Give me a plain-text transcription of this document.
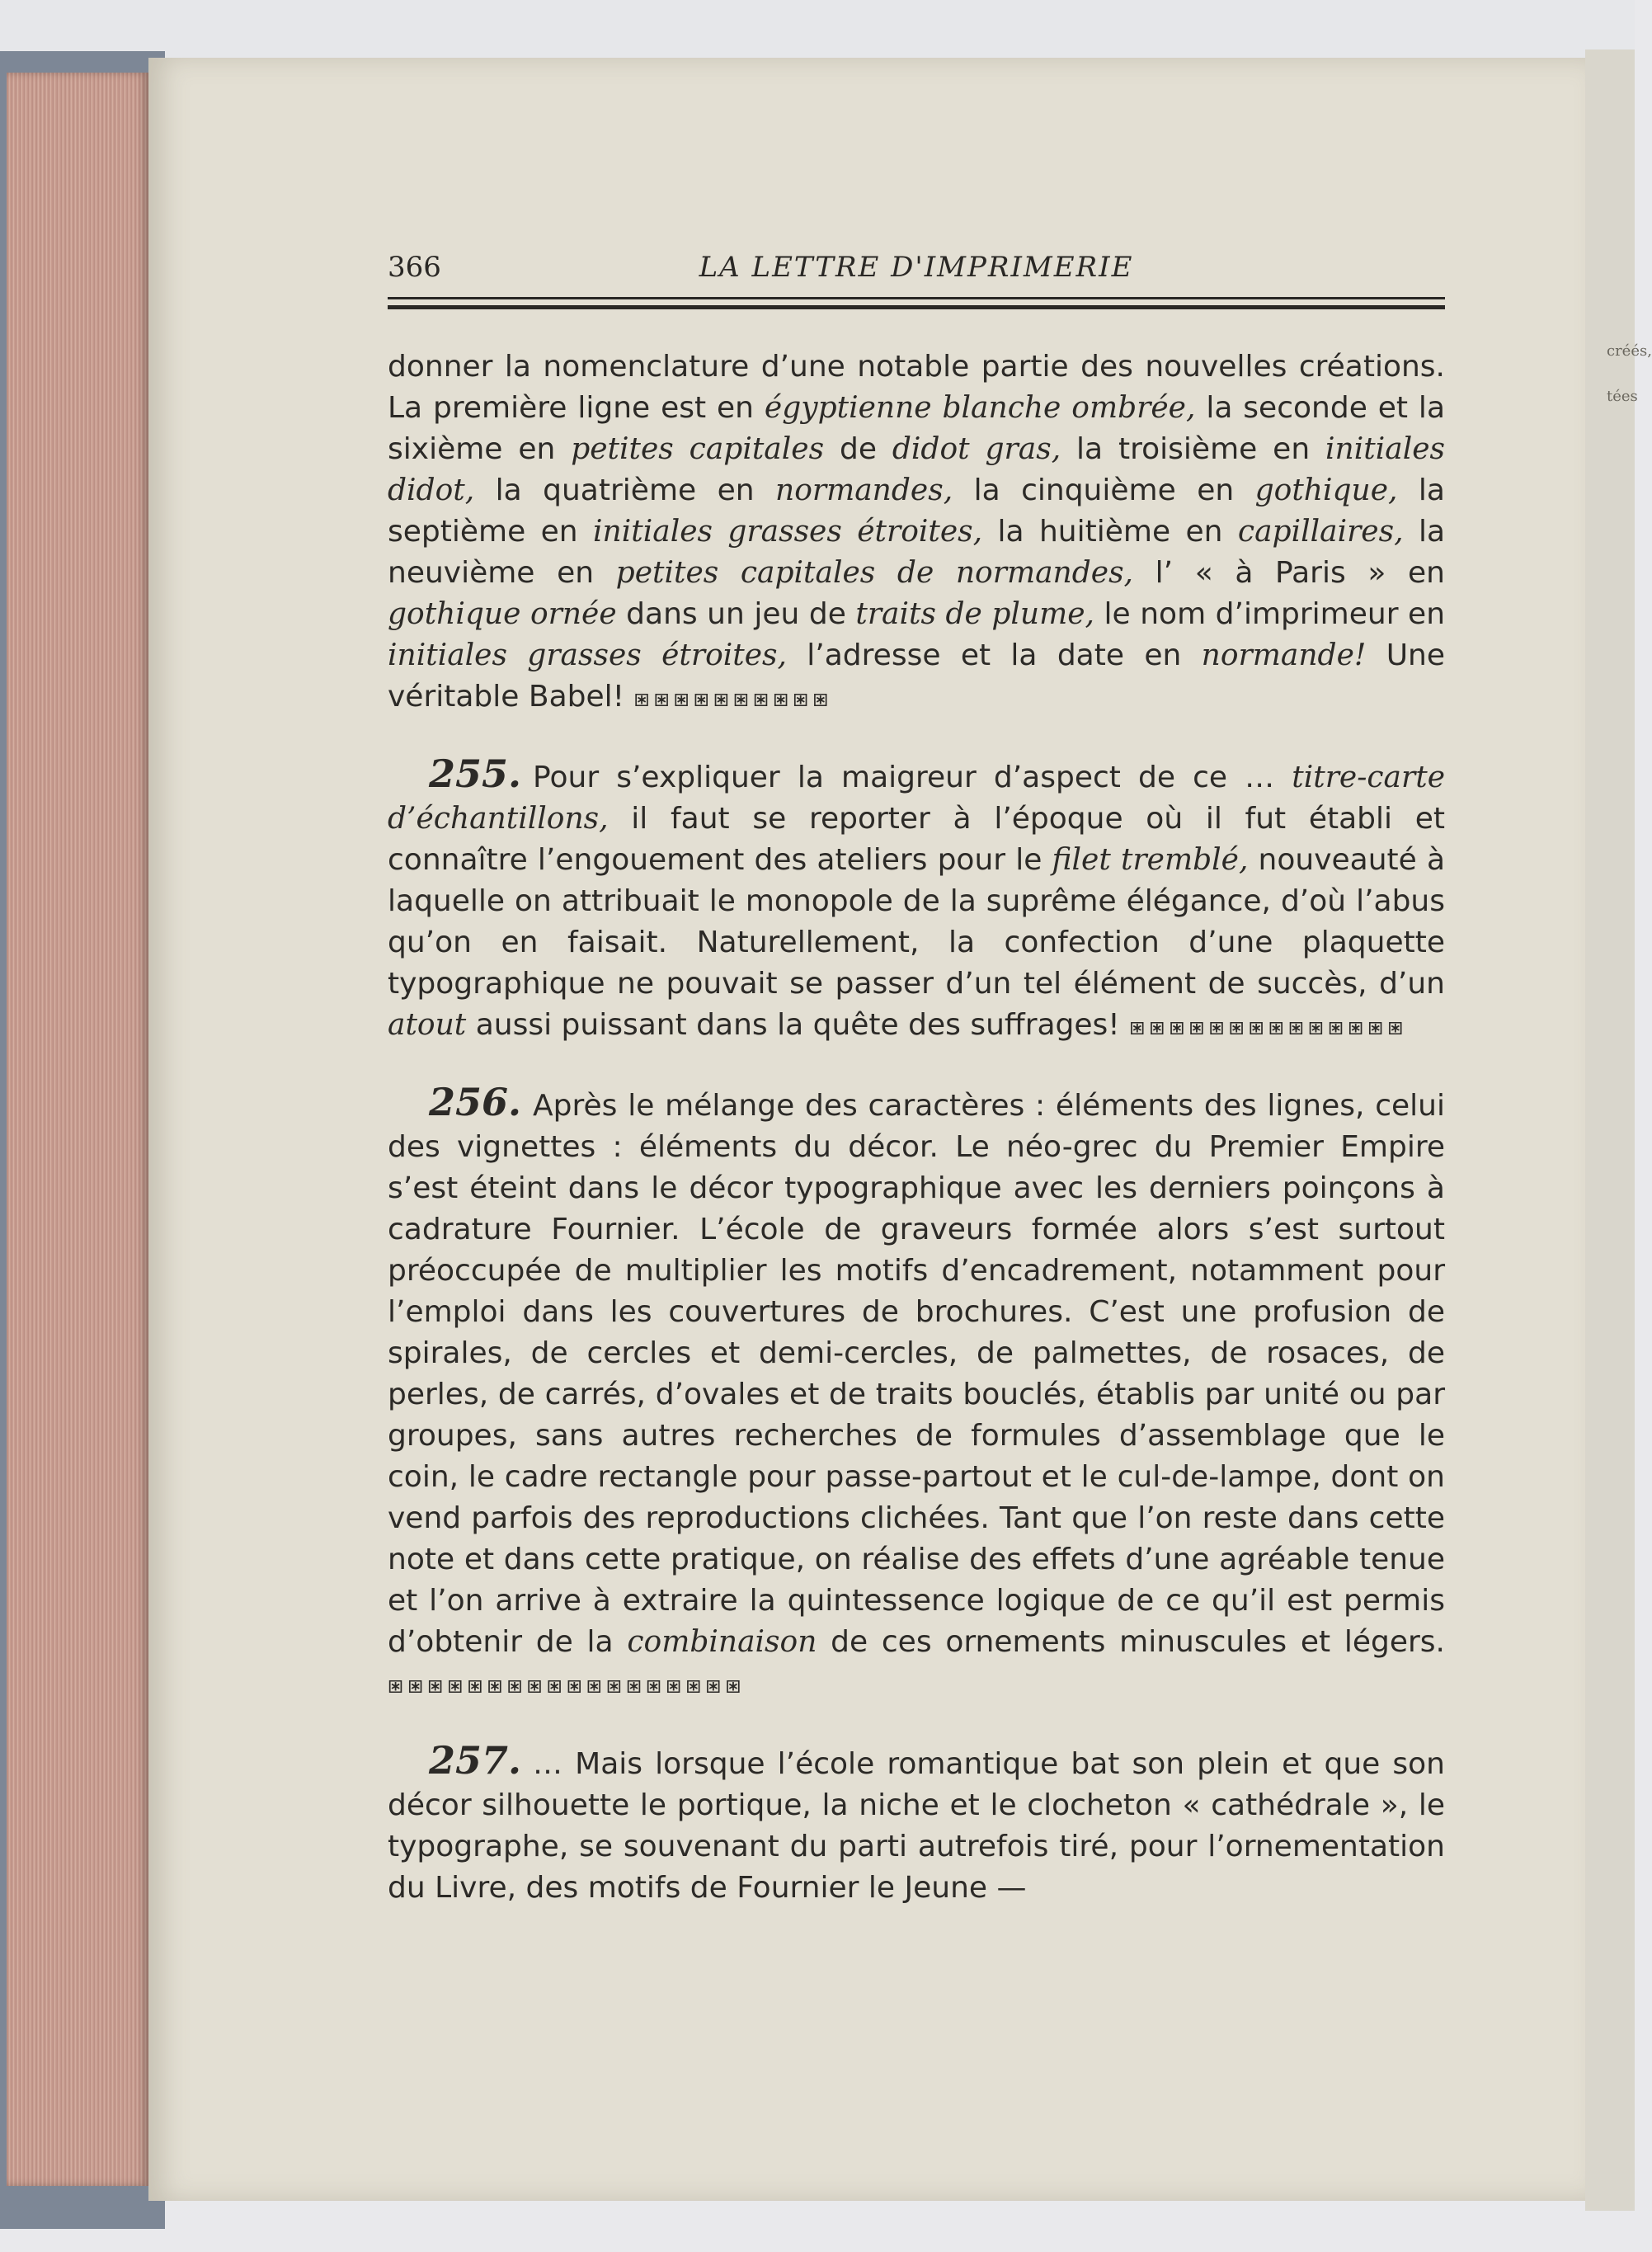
créés,
tées
366	LA LETTRE D'IMPRIMERIE

donner la nomenclature d’une notable partie des nouvelles créations. La première ligne est en égyptienne blanche ombrée, la seconde et la sixième en petites capitales de didot gras, la troisième en initiales didot, la quatrième en normandes, la cinquième en gothique, la septième en initiales grasses étroites, la huitième en capillaires, la neuvième en petites capitales de normandes, l’ « à Paris » en gothique ornée dans un jeu de traits de plume, le nom d’imprimeur en initiales grasses étroites, l’adresse et la date en normande! Une véritable Babel! ⧆⧆⧆⧆⧆⧆⧆⧆⧆⧆

255. Pour s’expliquer la maigreur d’aspect de ce … titre-carte d’échantillons, il faut se reporter à l’époque où il fut établi et connaître l’engouement des ateliers pour le filet tremblé, nouveauté à laquelle on attribuait le monopole de la suprême élégance, d’où l’abus qu’on en faisait. Naturellement, la confection d’une plaquette typographique ne pouvait se passer d’un tel élément de succès, d’un atout aussi puissant dans la quête des suffrages! ⧆⧆⧆⧆⧆⧆⧆⧆⧆⧆⧆⧆⧆⧆

256. Après le mélange des caractères : éléments des lignes, celui des vignettes : éléments du décor. Le néo-grec du Premier Empire s’est éteint dans le décor typographique avec les derniers poinçons à cadrature Fournier. L’école de graveurs formée alors s’est surtout préoccupée de multiplier les motifs d’encadrement, notamment pour l’emploi dans les couvertures de brochures. C’est une profusion de spirales, de cercles et demi-cercles, de palmettes, de rosaces, de perles, de carrés, d’ovales et de traits bouclés, établis par unité ou par groupes, sans autres recherches de formules d’assemblage que le coin, le cadre rectangle pour passe-partout et le cul-de-lampe, dont on vend parfois des reproductions clichées. Tant que l’on reste dans cette note et dans cette pratique, on réalise des effets d’une agréable tenue et l’on arrive à extraire la quintessence logique de ce qu’il est permis d’obtenir de la combinaison de ces ornements minuscules et légers. ⧆⧆⧆⧆⧆⧆⧆⧆⧆⧆⧆⧆⧆⧆⧆⧆⧆⧆

257. … Mais lorsque l’école romantique bat son plein et que son décor silhouette le portique, la niche et le clocheton « cathédrale », le typographe, se souvenant du parti autrefois tiré, pour l’ornementation du Livre, des motifs de Fournier le Jeune —
